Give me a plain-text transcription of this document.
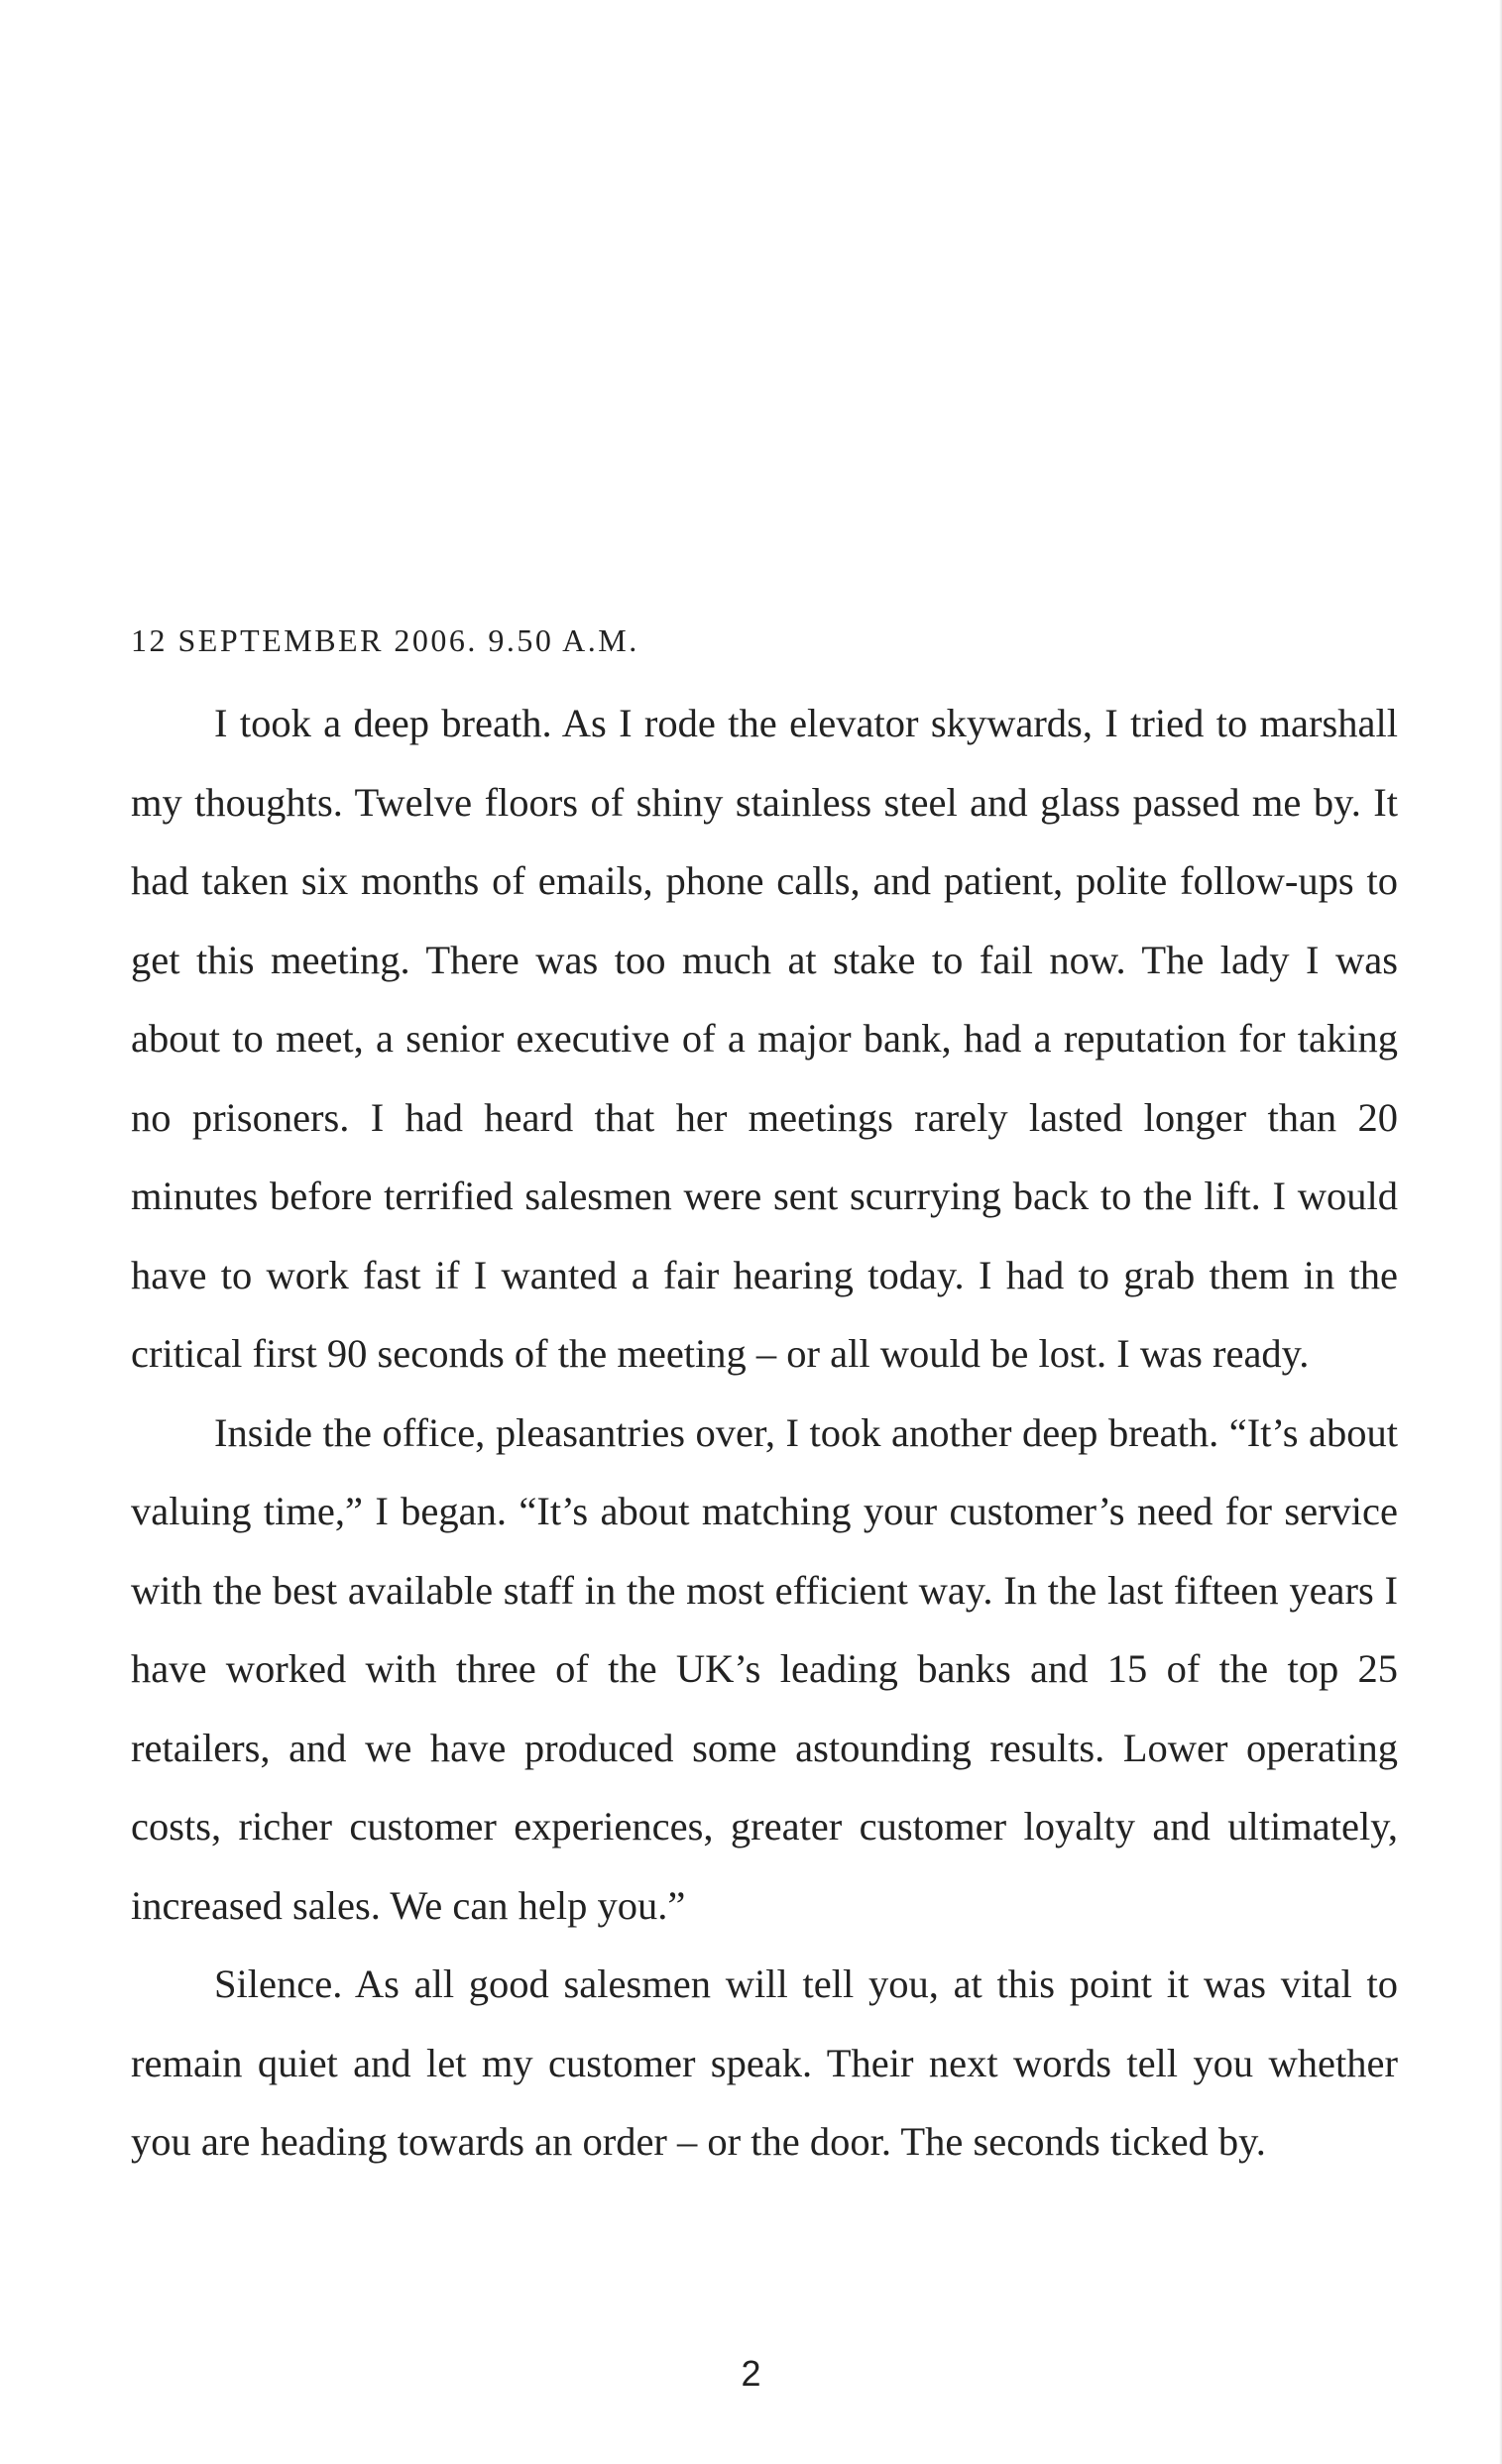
12 SEPTEMBER 2006. 9.50 A.M.

I took a deep breath. As I rode the elevator skywards, I tried to marshall my thoughts. Twelve floors of shiny stainless steel and glass passed me by. It had taken six months of emails, phone calls, and patient, polite follow-ups to get this meeting. There was too much at stake to fail now. The lady I was about to meet, a senior executive of a major bank, had a reputation for taking no prisoners. I had heard that her meetings rarely lasted longer than 20 minutes before terrified salesmen were sent scurrying back to the lift. I would have to work fast if I wanted a fair hearing today. I had to grab them in the critical first 90 seconds of the meeting – or all would be lost. I was ready.

Inside the office, pleasantries over, I took another deep breath. “It’s about valuing time,” I began. “It’s about matching your customer’s need for service with the best available staff in the most efficient way. In the last fifteen years I have worked with three of the UK’s leading banks and 15 of the top 25 retailers, and we have produced some astounding results. Lower operating costs, richer customer experiences, greater customer loyalty and ultimately, increased sales. We can help you.”

Silence. As all good salesmen will tell you, at this point it was vital to remain quiet and let my customer speak. Their next words tell you whether you are heading towards an order – or the door. The seconds ticked by.

2
